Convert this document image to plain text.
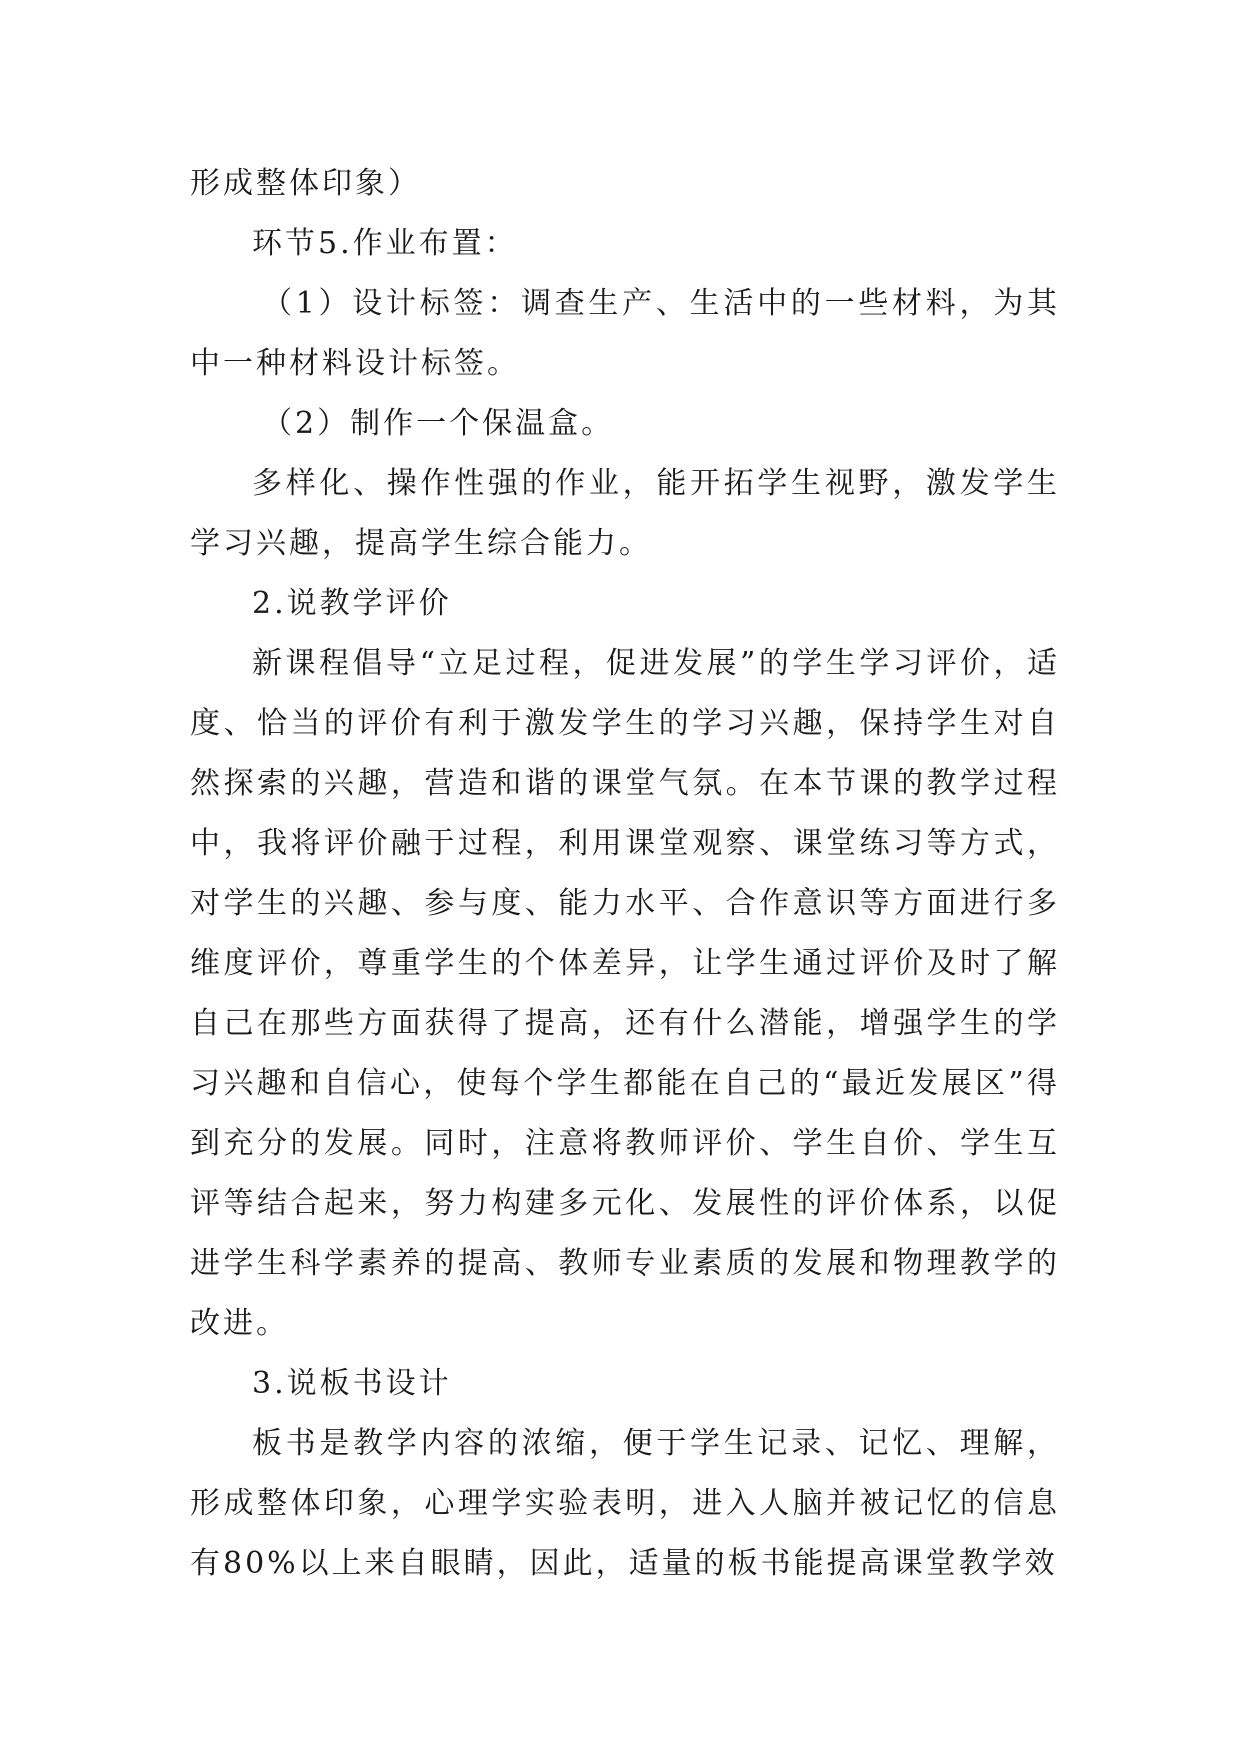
形成整体印象）

环节5.作业布置：

（1）设计标签：调查生产、生活中的一些材料，为其中一种材料设计标签。

（2）制作一个保温盒。

多样化、操作性强的作业，能开拓学生视野，激发学生学习兴趣，提高学生综合能力。

2.说教学评价

新课程倡导“立足过程，促进发展”的学生学习评价，适度、恰当的评价有利于激发学生的学习兴趣，保持学生对自然探索的兴趣，营造和谐的课堂气氛。在本节课的教学过程中，我将评价融于过程，利用课堂观察、课堂练习等方式，对学生的兴趣、参与度、能力水平、合作意识等方面进行多维度评价，尊重学生的个体差异，让学生通过评价及时了解自己在那些方面获得了提高，还有什么潜能，增强学生的学习兴趣和自信心，使每个学生都能在自己的“最近发展区”得到充分的发展。同时，注意将教师评价、学生自价、学生互评等结合起来，努力构建多元化、发展性的评价体系，以促进学生科学素养的提高、教师专业素质的发展和物理教学的改进。

3.说板书设计

板书是教学内容的浓缩，便于学生记录、记忆、理解，形成整体印象，心理学实验表明，进入人脑并被记忆的信息有80%以上来自眼睛，因此，适量的板书能提高课堂教学效
